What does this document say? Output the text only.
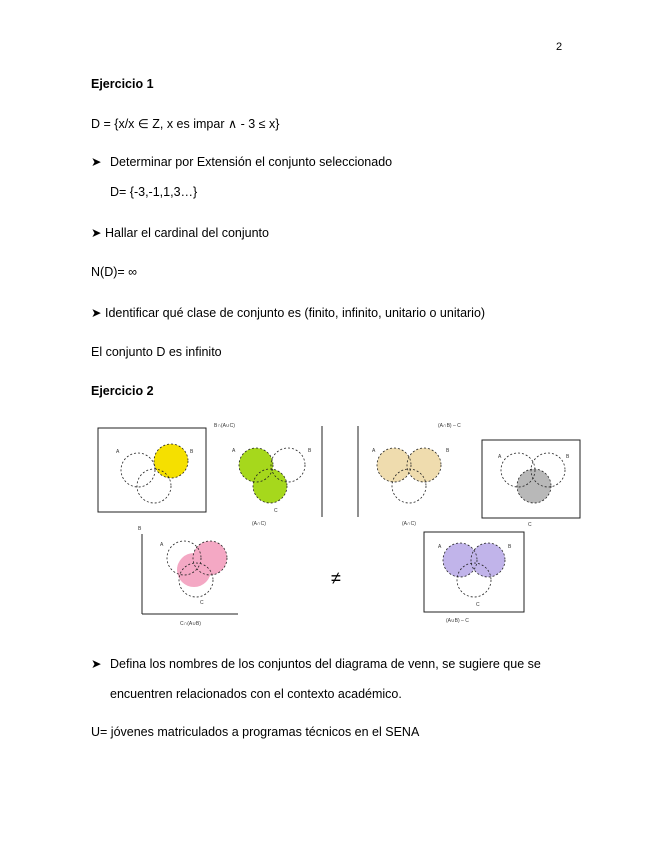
2
Ejercicio 1
D = {x/x ∈ Z, x es impar ∧ - 3 ≤ x}
➤ Determinar por Extensión el conjunto seleccionado
D= {-3,-1,1,3…}
➤ Hallar el cardinal del conjunto
N(D)= ∞
➤ Identificar qué clase de conjunto es (finito, infinito, unitario o unitario)
El conjunto D es infinito
Ejercicio 2
A	B
B
B∩(A∪C)
A	B
C
(A∩C)
(A∩B) – C
A	B
(A∩C)
A	B
C
A
C
C∩(A∪B)
≠
A	B
C
(A∪B) – C
➤ Defina los nombres de los conjuntos del diagrama de venn, se sugiere que se
encuentren relacionados con el contexto académico.
U= jóvenes matriculados a programas técnicos en el SENA
